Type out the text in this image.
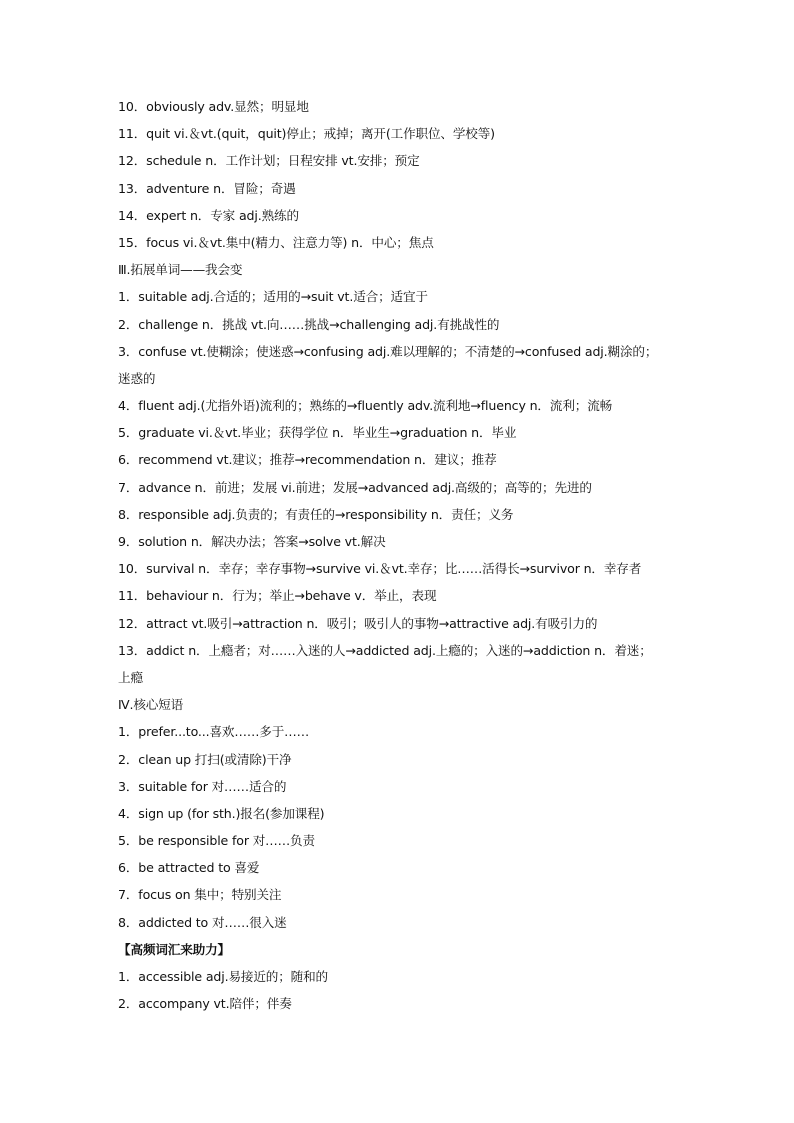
10．obviously adv.显然；明显地
11．quit vi.＆vt.(quit，quit)停止；戒掉；离开(工作职位、学校等)
12．schedule n．工作计划；日程安排 vt.安排；预定
13．adventure n．冒险；奇遇
14．expert n．专家 adj.熟练的
15．focus vi.＆vt.集中(精力、注意力等) n．中心；焦点
Ⅲ.拓展单词——我会变
1．suitable adj.合适的；适用的→suit vt.适合；适宜于
2．challenge n．挑战 vt.向……挑战→challenging adj.有挑战性的
3．confuse vt.使糊涂；使迷惑→confusing adj.难以理解的；不清楚的→confused adj.糊涂的；
迷惑的
4．fluent adj.(尤指外语)流利的；熟练的→fluently adv.流利地→fluency n．流利；流畅
5．graduate vi.＆vt.毕业；获得学位 n．毕业生→graduation n．毕业
6．recommend vt.建议；推荐→recommendation n．建议；推荐
7．advance n．前进；发展 vi.前进；发展→advanced adj.高级的；高等的；先进的
8．responsible adj.负责的；有责任的→responsibility n．责任；义务
9．solution n．解决办法；答案→solve vt.解决
10．survival n．幸存；幸存事物→survive vi.＆vt.幸存；比……活得长→survivor n．幸存者
11．behaviour n．行为；举止→behave v．举止，表现
12．attract vt.吸引→attraction n．吸引；吸引人的事物→attractive adj.有吸引力的
13．addict n．上瘾者；对……入迷的人→addicted adj.上瘾的；入迷的→addiction n．着迷；
上瘾
Ⅳ.核心短语
1．prefer...to...喜欢……多于……
2．clean up 打扫(或清除)干净
3．suitable for 对……适合的
4．sign up (for sth.)报名(参加课程)
5．be responsible for 对……负责
6．be attracted to 喜爱
7．focus on 集中；特别关注
8．addicted to 对……很入迷
【高频词汇来助力】
1．accessible adj.易接近的；随和的
2．accompany vt.陪伴；伴奏
